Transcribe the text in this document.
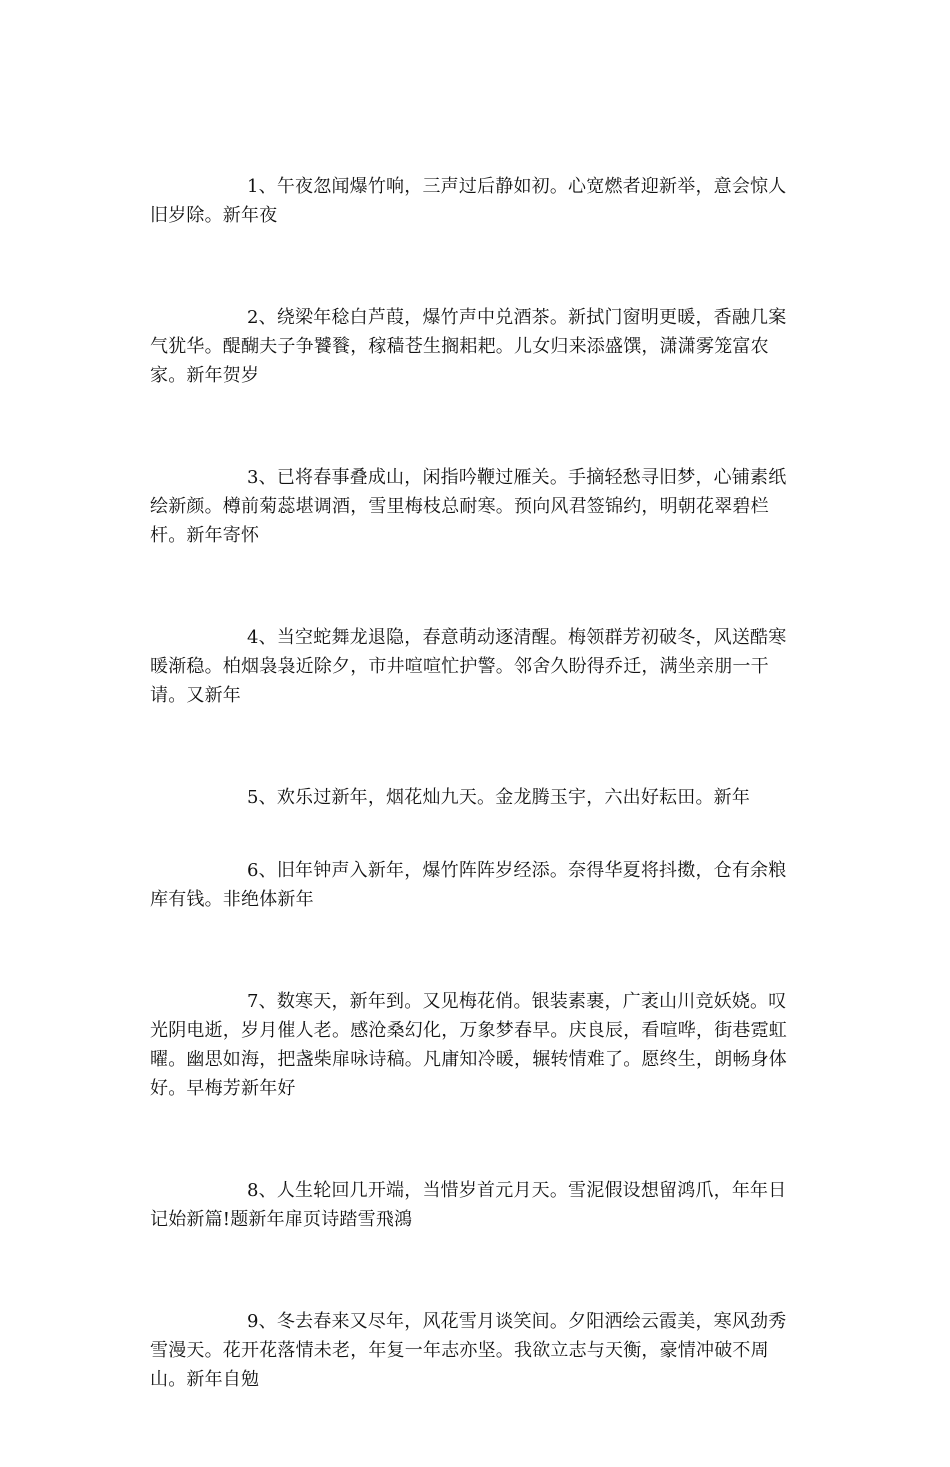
1、午夜忽闻爆竹响，三声过后静如初。心宽燃者迎新举，意会惊人旧岁除。新年夜

2、绕梁年稔白芦葭，爆竹声中兑酒茶。新拭门窗明更暖，香融几案气犹华。醍醐夫子争饕餮，稼穑苍生搁耜耙。儿女归来添盛馔，潇潇雾笼富农家。新年贺岁

3、已将春事叠成山，闲指吟鞭过雁关。手摘轻愁寻旧梦，心铺素纸绘新颜。樽前菊蕊堪调酒，雪里梅枝总耐寒。预向风君签锦约，明朝花翠碧栏杆。新年寄怀

4、当空蛇舞龙退隐，春意萌动逐清醒。梅领群芳初破冬，风送酷寒暖渐稳。柏烟袅袅近除夕，市井喧喧忙护警。邻舍久盼得乔迁，满坐亲朋一干请。又新年

5、欢乐过新年，烟花灿九天。金龙腾玉宇，六出好耘田。新年

6、旧年钟声入新年，爆竹阵阵岁经添。奈得华夏将抖擞，仓有余粮库有钱。非绝体新年

7、数寒天，新年到。又见梅花俏。银装素裹，广袤山川竞妖娆。叹光阴电逝，岁月催人老。感沧桑幻化，万象梦春早。庆良辰，看喧哗，街巷霓虹曜。幽思如海，把盏柴扉咏诗稿。凡庸知冷暖，辗转情难了。愿终生，朗畅身体好。早梅芳新年好

8、人生轮回几开端，当惜岁首元月天。雪泥假设想留鸿爪，年年日记始新篇!题新年扉页诗踏雪飛鴻

9、冬去春来又尽年，风花雪月谈笑间。夕阳洒绘云霞美，寒风劲秀雪漫天。花开花落情未老，年复一年志亦坚。我欲立志与天衡，豪情冲破不周山。新年自勉
